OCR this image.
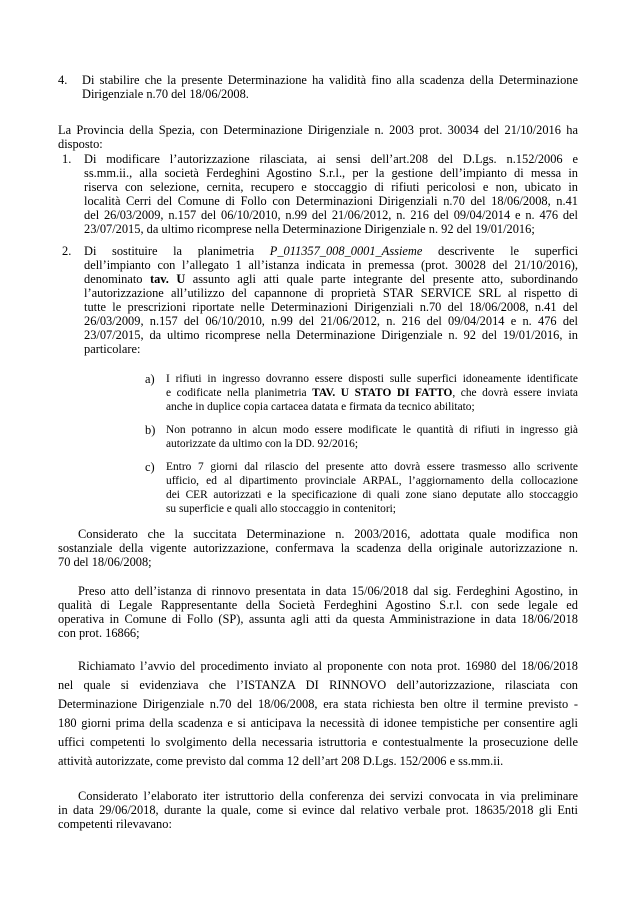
4. Di stabilire che la presente Determinazione ha validità fino alla scadenza della Determinazione
Dirigenziale n.70 del 18/06/2008.
La Provincia della Spezia, con Determinazione Dirigenziale n. 2003 prot. 30034 del 21/10/2016 ha
disposto:
1. Di modificare l’autorizzazione rilasciata, ai sensi dell’art.208 del D.Lgs. n.152/2006 e
ss.mm.ii., alla società Ferdeghini Agostino S.r.l., per la gestione dell’impianto di messa in
riserva con selezione, cernita, recupero e stoccaggio di rifiuti pericolosi e non, ubicato in
località Cerri del Comune di Follo con Determinazioni Dirigenziali n.70 del 18/06/2008, n.41
del 26/03/2009, n.157 del 06/10/2010, n.99 del 21/06/2012, n. 216 del 09/04/2014 e n. 476 del
23/07/2015, da ultimo ricomprese nella Determinazione Dirigenziale n. 92 del 19/01/2016;
2. Di sostituire la planimetria P_011357_008_0001_Assieme descrivente le superfici
dell’impianto con l’allegato 1 all’istanza indicata in premessa (prot. 30028 del 21/10/2016),
denominato tav. U assunto agli atti quale parte integrante del presente atto, subordinando
l’autorizzazione all’utilizzo del capannone di proprietà STAR SERVICE SRL al rispetto di
tutte le prescrizioni riportate nelle Determinazioni Dirigenziali n.70 del 18/06/2008, n.41 del
26/03/2009, n.157 del 06/10/2010, n.99 del 21/06/2012, n. 216 del 09/04/2014 e n. 476 del
23/07/2015, da ultimo ricomprese nella Determinazione Dirigenziale n. 92 del 19/01/2016, in
particolare:
a) I rifiuti in ingresso dovranno essere disposti sulle superfici idoneamente identificate
e codificate nella planimetria TAV. U STATO DI FATTO, che dovrà essere inviata
anche in duplice copia cartacea datata e firmata da tecnico abilitato;
b) Non potranno in alcun modo essere modificate le quantità di rifiuti in ingresso già
autorizzate da ultimo con la DD. 92/2016;
c) Entro 7 giorni dal rilascio del presente atto dovrà essere trasmesso allo scrivente
ufficio, ed al dipartimento provinciale ARPAL, l’aggiornamento della collocazione
dei CER autorizzati e la specificazione di quali zone siano deputate allo stoccaggio
su superficie e quali allo stoccaggio in contenitori;
Considerato che la succitata Determinazione n. 2003/2016, adottata quale modifica non
sostanziale della vigente autorizzazione, confermava la scadenza della originale autorizzazione n.
70 del 18/06/2008;
Preso atto dell’istanza di rinnovo presentata in data 15/06/2018 dal sig. Ferdeghini Agostino, in
qualità di Legale Rappresentante della Società Ferdeghini Agostino S.r.l. con sede legale ed
operativa in Comune di Follo (SP), assunta agli atti da questa Amministrazione in data 18/06/2018
con prot. 16866;
Richiamato l’avvio del procedimento inviato al proponente con nota prot. 16980 del 18/06/2018
nel quale si evidenziava che l’ISTANZA DI RINNOVO dell’autorizzazione, rilasciata con
Determinazione Dirigenziale n.70 del 18/06/2008, era stata richiesta ben oltre il termine previsto -
180 giorni prima della scadenza e si anticipava la necessità di idonee tempistiche per consentire agli
uffici competenti lo svolgimento della necessaria istruttoria e contestualmente la prosecuzione delle
attività autorizzate, come previsto dal comma 12 dell’art 208 D.Lgs. 152/2006 e ss.mm.ii.
Considerato l’elaborato iter istruttorio della conferenza dei servizi convocata in via preliminare
in data 29/06/2018, durante la quale, come si evince dal relativo verbale prot. 18635/2018 gli Enti
competenti rilevavano:
